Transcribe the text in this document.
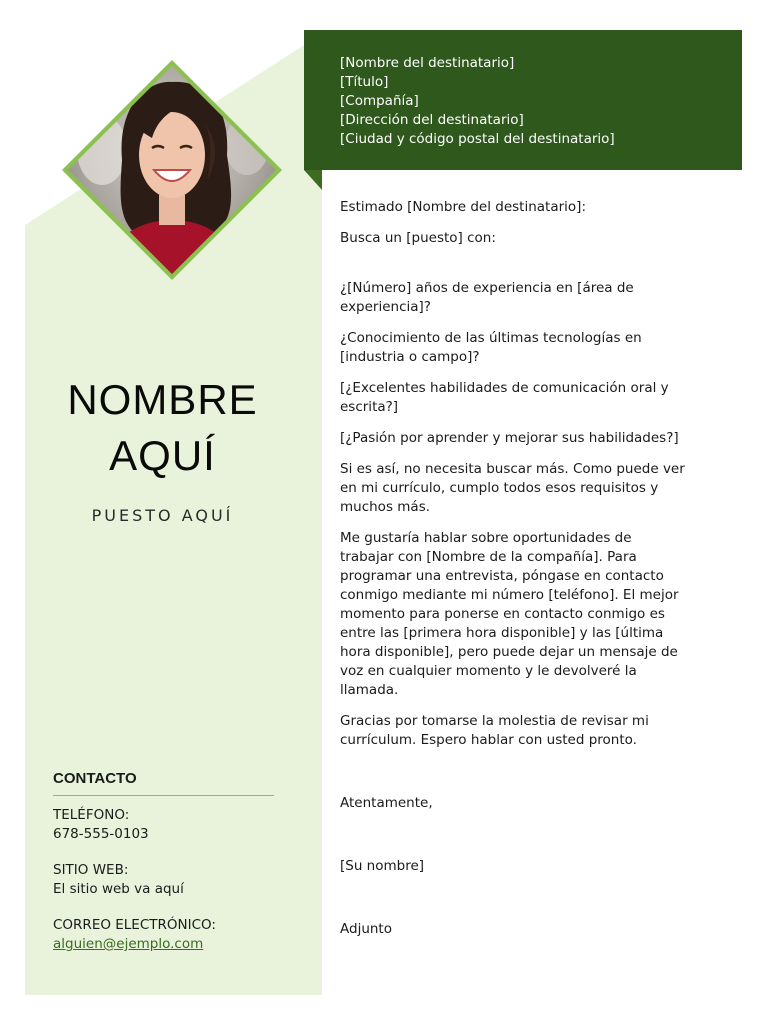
NOMBRE
AQUÍ
PUESTO AQUÍ
CONTACTO
TELÉFONO:
678-555-0103
SITIO WEB:
El sitio web va aquí
CORREO ELECTRÓNICO:
alguien@ejemplo.com
[Nombre del destinatario]
[Título]
[Compañía]
[Dirección del destinatario]
[Ciudad y código postal del destinatario]

Estimado [Nombre del destinatario]:

Busca un [puesto] con:

¿[Número] años de experiencia en [área de experiencia]?

¿Conocimiento de las últimas tecnologías en [industria o campo]?

[¿Excelentes habilidades de comunicación oral y escrita?]

[¿Pasión por aprender y mejorar sus habilidades?]

Si es así, no necesita buscar más. Como puede ver en mi currículo, cumplo todos esos requisitos y muchos más.

Me gustaría hablar sobre oportunidades de trabajar con [Nombre de la compañía]. Para programar una entrevista, póngase en contacto conmigo mediante mi número [teléfono]. El mejor momento para ponerse en contacto conmigo es entre las [primera hora disponible] y las [última hora disponible], pero puede dejar un mensaje de voz en cualquier momento y le devolveré la llamada.

Gracias por tomarse la molestia de revisar mi currículum. Espero hablar con usted pronto.

Atentamente,

[Su nombre]

Adjunto
